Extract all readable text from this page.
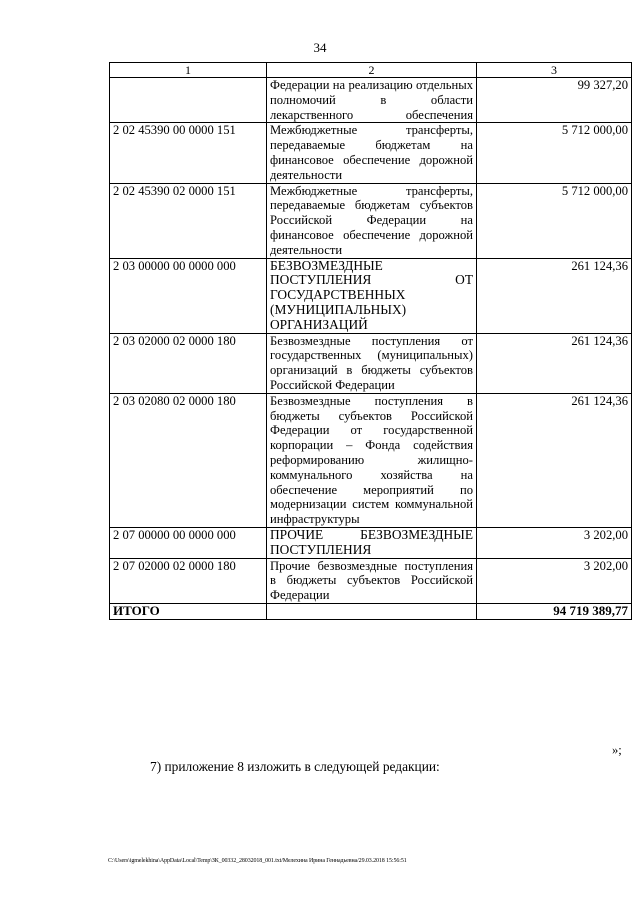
34
1	2	3
	Федерации на реализацию отдельных полномочий в области лекарственного обеспечения	99 327,20
2 02 45390 00 0000 151	Межбюджетные трансферты, передаваемые бюджетам на финансовое обеспечение дорожной деятельности	5 712 000,00
2 02 45390 02 0000 151	Межбюджетные трансферты, передаваемые бюджетам субъектов Российской Федерации на финансовое обеспечение дорожной деятельности	5 712 000,00
2 03 00000 00 0000 000	БЕЗВОЗМЕЗДНЫЕ ПОСТУПЛЕНИЯ ОТ ГОСУДАРСТВЕННЫХ (МУНИЦИПАЛЬНЫХ) ОРГАНИЗАЦИЙ	261 124,36
2 03 02000 02 0000 180	Безвозмездные поступления от государственных (муниципальных) организаций в бюджеты субъектов Российской Федерации	261 124,36
2 03 02080 02 0000 180	Безвозмездные поступления в бюджеты субъектов Российской Федерации от государственной корпорации – Фонда содействия реформированию жилищно-коммунального хозяйства на обеспечение мероприятий по модернизации систем коммунальной инфраструктуры	261 124,36
2 07 00000 00 0000 000	ПРОЧИЕ БЕЗВОЗМЕЗДНЫЕ ПОСТУПЛЕНИЯ	3 202,00
2 07 02000 02 0000 180	Прочие безвозмездные поступления в бюджеты субъектов Российской Федерации	3 202,00
ИТОГО		94 719 389,77
»;
7) приложение 8 изложить в следующей редакции:
C:\Users\igmelekhina\AppData\Local\Temp\ЗК_00332_28032018_001.txt/Мелехина Ирина Геннадьевна/29.03.2018 15:56:51
